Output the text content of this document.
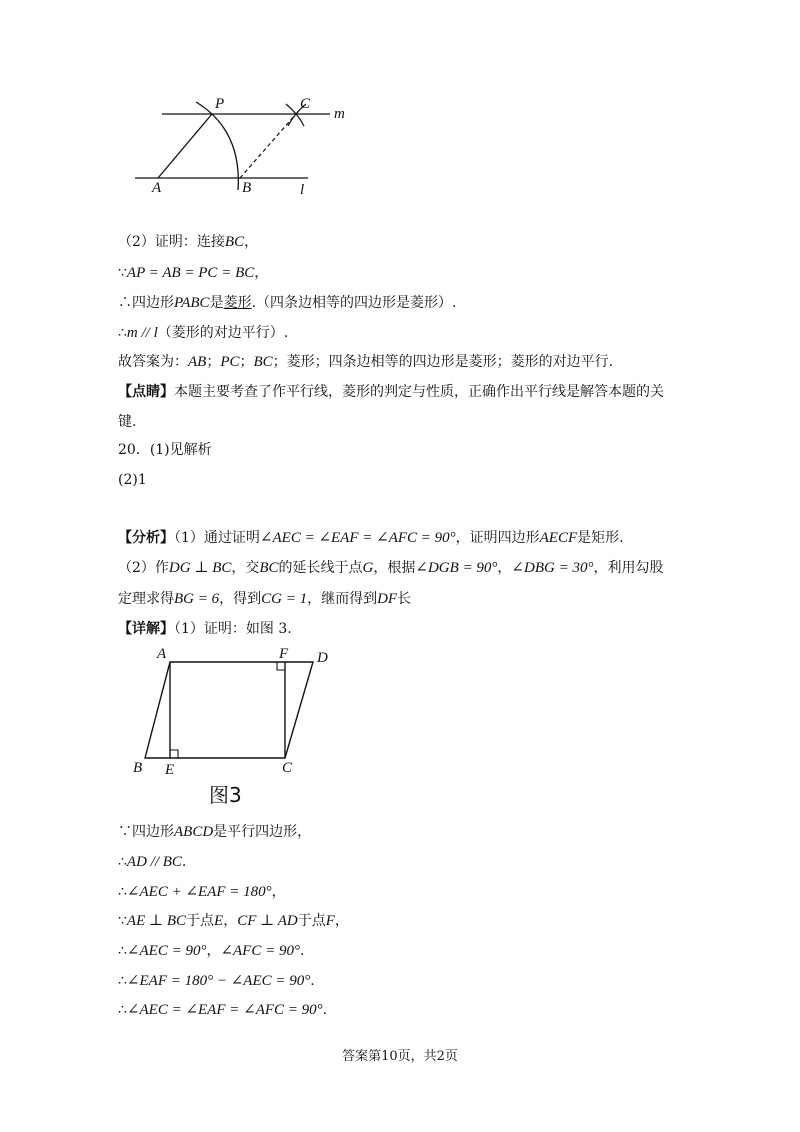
P	C
m
A	B	l
（2）证明：连接BC，
∵AP = AB = PC = BC，
∴四边形PABC是菱形.（四条边相等的四边形是菱形）.
∴m // l（菱形的对边平行）.
故答案为：AB；PC；BC；菱形；四条边相等的四边形是菱形；菱形的对边平行.
【点睛】本题主要考查了作平行线，菱形的判定与性质，正确作出平行线是解答本题的关
键.
20．(1)见解析
(2)1
【分析】（1）通过证明∠AEC = ∠EAF = ∠AFC = 90°，证明四边形AECF是矩形.
（2）作DG ⊥ BC，交BC的延长线于点G，根据∠DGB = 90°，∠DBG = 30°，利用勾股
定理求得BG = 6，得到CG = 1，继而得到DF长
【详解】（1）证明：如图 3.
A	F D
B E	C
图3
∵四边形ABCD是平行四边形，
∴AD // BC.
∴∠AEC + ∠EAF = 180°，
∵AE ⊥ BC于点E，CF ⊥ AD于点F，
∴∠AEC = 90°，∠AFC = 90°.
∴∠EAF = 180° − ∠AEC = 90°.
∴∠AEC = ∠EAF = ∠AFC = 90°.
答案第10页，共2页
